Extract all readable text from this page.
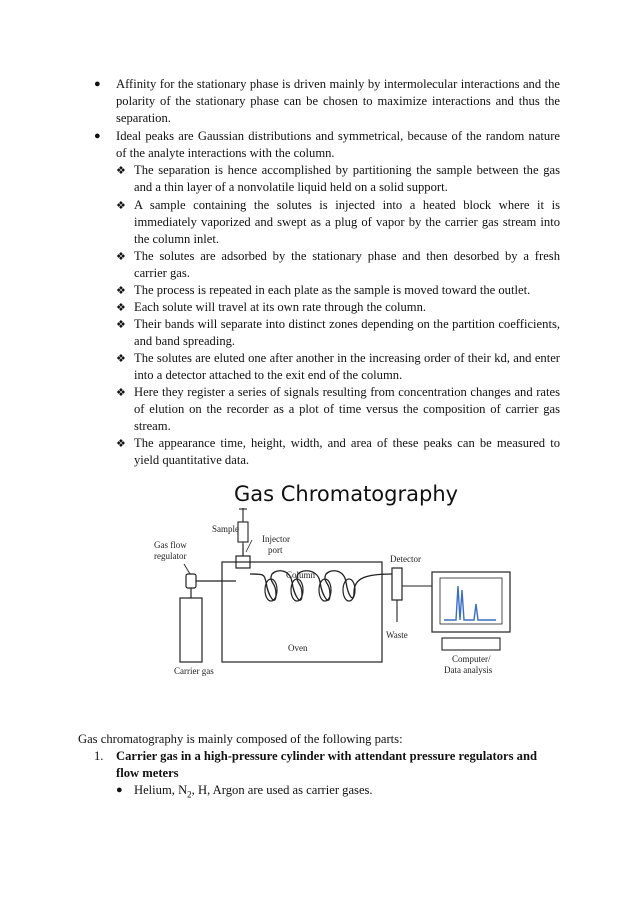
● Affinity for the stationary phase is driven mainly by intermolecular interactions and the polarity of the stationary phase can be chosen to maximize interactions and thus the separation.
● Ideal peaks are Gaussian distributions and symmetrical, because of the random nature of the analyte interactions with the column.
❖ The separation is hence accomplished by partitioning the sample between the gas and a thin layer of a nonvolatile liquid held on a solid support.
❖ A sample containing the solutes is injected into a heated block where it is immediately vaporized and swept as a plug of vapor by the carrier gas stream into the column inlet.
❖ The solutes are adsorbed by the stationary phase and then desorbed by a fresh carrier gas.
❖ The process is repeated in each plate as the sample is moved toward the outlet.
❖ Each solute will travel at its own rate through the column.
❖ Their bands will separate into distinct zones depending on the partition coefficients, and band spreading.
❖ The solutes are eluted one after another in the increasing order of their kd, and enter into a detector attached to the exit end of the column.
❖ Here they register a series of signals resulting from concentration changes and rates of elution on the recorder as a plot of time versus the composition of carrier gas stream.
❖ The appearance time, height, width, and area of these peaks can be measured to yield quantitative data.
Gas Chromatography
Sample
Injector
port
Gas flow
regulator
Column
Detector
Waste
Oven
Carrier gas
Computer/
Data analysis
Gas chromatography is mainly composed of the following parts:
1. Carrier gas in a high-pressure cylinder with attendant pressure regulators and
flow meters
● Helium, $N_2$, H, Argon are used as carrier gases.
